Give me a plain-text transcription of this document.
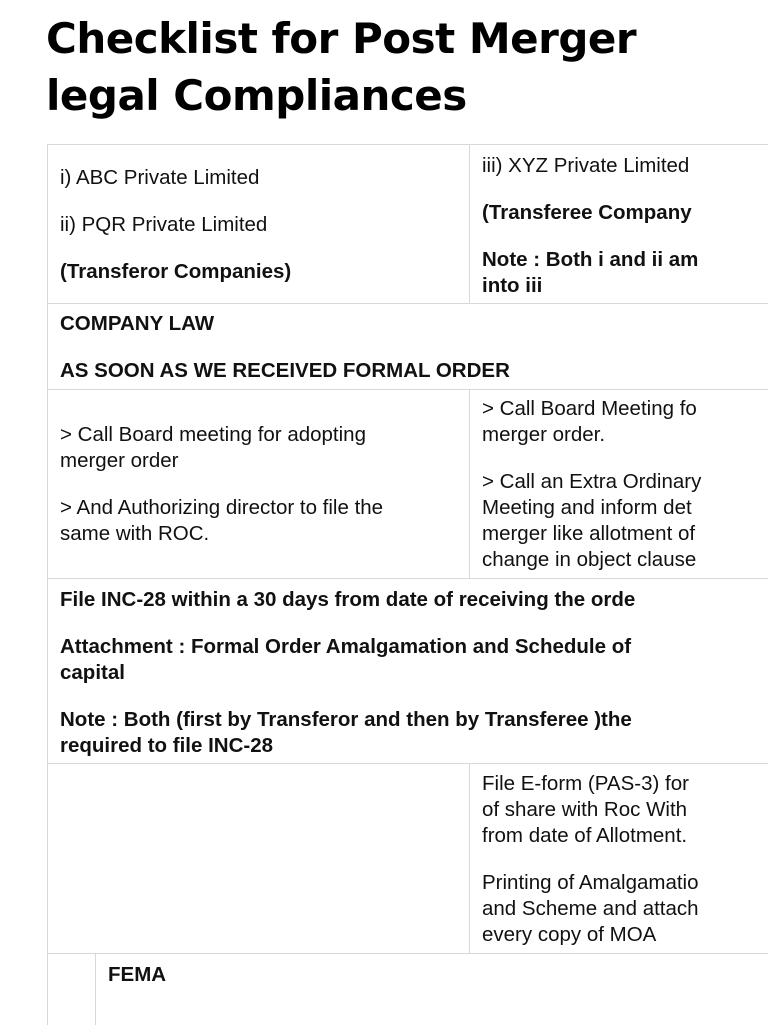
Checklist for Post Merger
legal Compliances

i) ABC Private Limited

ii) PQR Private Limited

(Transferor Companies)

iii) XYZ Private Limited

(Transferee Company

Note : Both i and ii am

into iii

COMPANY LAW

AS SOON AS WE RECEIVED FORMAL ORDER

> Call Board meeting for adopting

merger order

> And Authorizing director to file the

same with ROC.

> Call Board Meeting fo

merger order.

> Call an Extra Ordinary

Meeting and inform det

merger like allotment of

change in object clause

File INC-28 within a 30 days from date of receiving the orde

Attachment : Formal Order Amalgamation and Schedule of

capital

Note : Both (first by Transferor and then by Transferee )the

required to file INC-28

File E-form (PAS-3) for

of share with Roc With

from date of Allotment.

Printing of Amalgamatio

and Scheme and attach

every copy of MOA

FEMA
